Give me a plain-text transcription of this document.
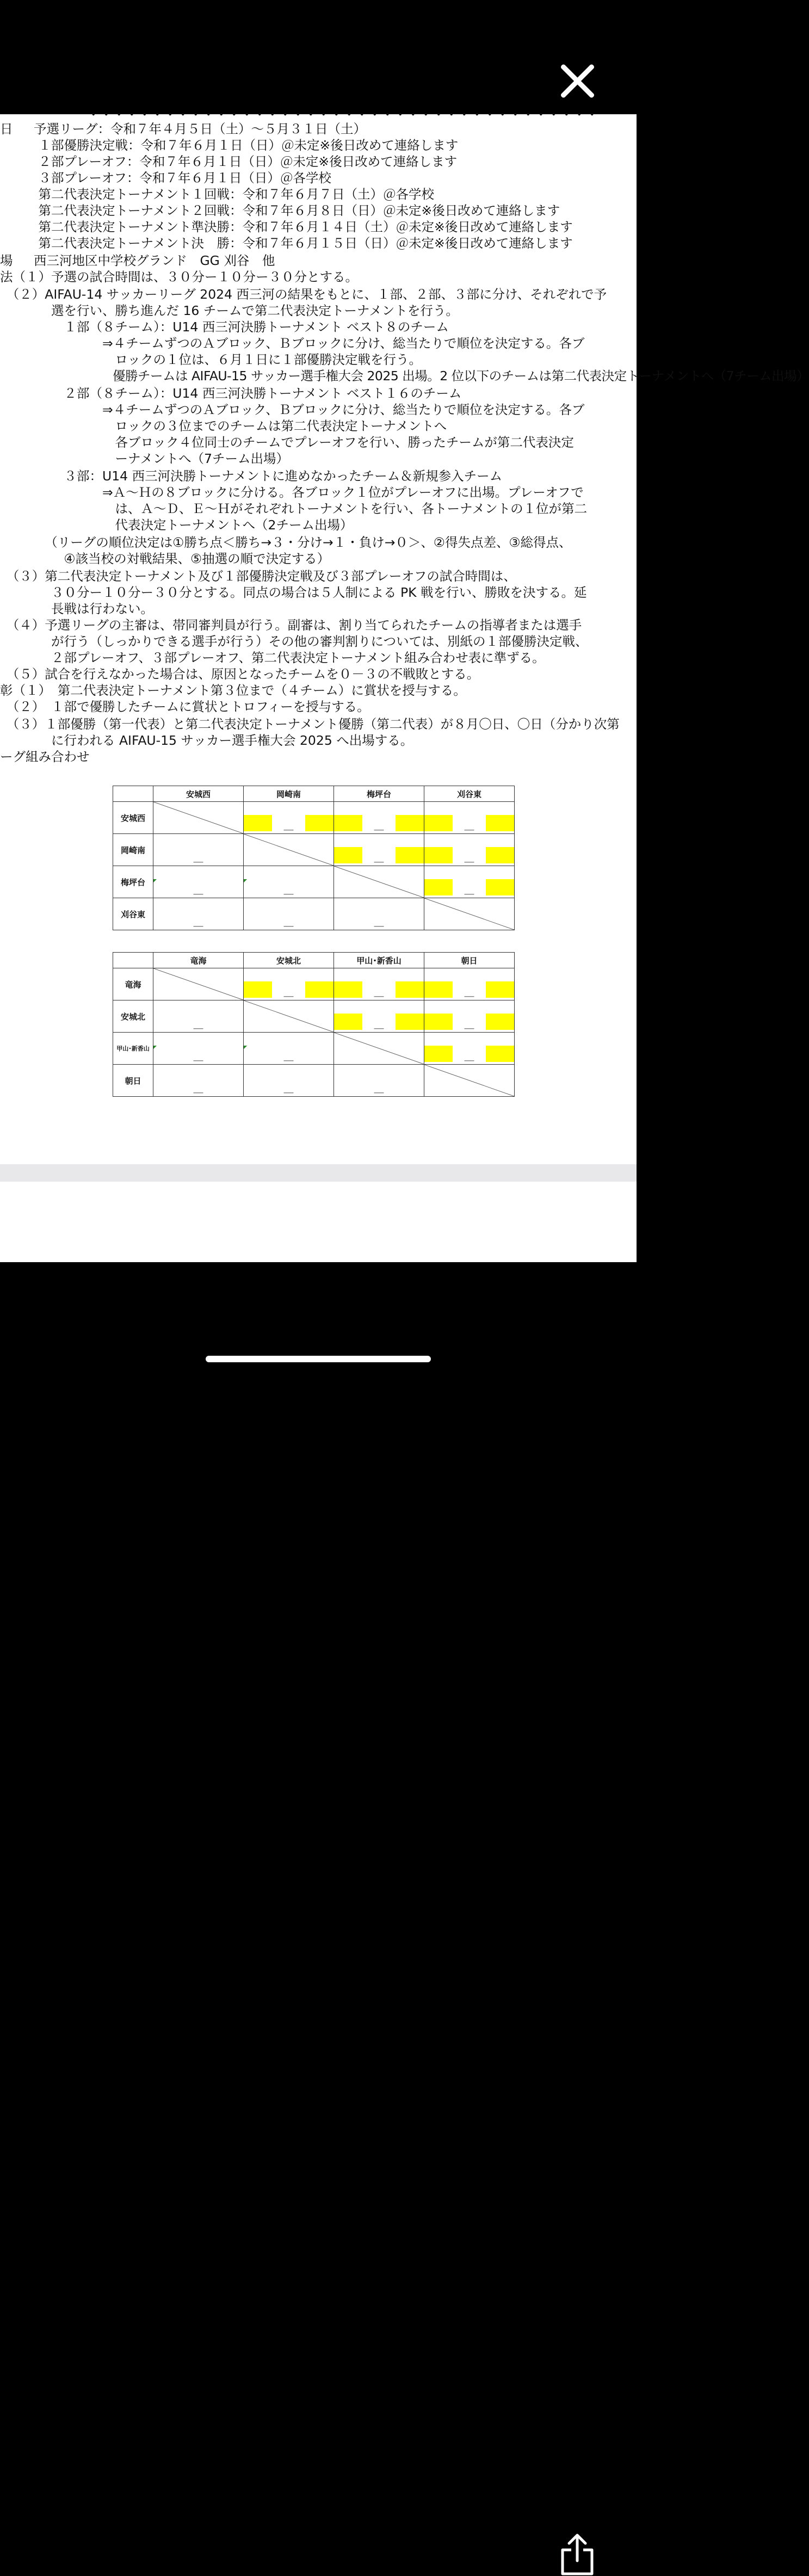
・・・・・・・・・・・・・・・・・・・・・・・・・・・・・・・・・・・・・・・・
日 　 予選リーグ：令和７年４月５日（土）～５月３１日（土）
　　　１部優勝決定戦：令和７年６月１日（日）＠未定※後日改めて連絡します
　　　２部プレーオフ：令和７年６月１日（日）＠未定※後日改めて連絡します
　　　３部プレーオフ：令和７年６月１日（日）＠各学校
　　　第二代表決定トーナメント１回戦：令和７年６月７日（土）＠各学校
　　　第二代表決定トーナメント２回戦：令和７年６月８日（日）＠未定※後日改めて連絡します
　　　第二代表決定トーナメント準決勝：令和７年６月１４日（土）＠未定※後日改めて連絡します
　　　第二代表決定トーナメント決　勝：令和７年６月１５日（日）＠未定※後日改めて連絡します
場 　 西三河地区中学校グランド　GG 刈谷　他
法（１）予選の試合時間は、３０分ー１０分ー３０分とする。
　（２）AIFAU-14 サッカーリーグ 2024 西三河の結果をもとに、１部、２部、３部に分け、それぞれで予
　　　　選を行い、勝ち進んだ 16 チームで第二代表決定トーナメントを行う。
　　　　　１部（８チーム）：U14 西三河決勝トーナメント ベスト８のチーム
　　　　　　　　⇒４チームずつのＡブロック、Ｂブロックに分け、総当たりで順位を決定する。各ブ
　　　　　　　　　ロックの１位は、６月１日に１部優勝決定戦を行う。
　　　　　　　　　優勝チームは AIFAU-15 サッカー選手権大会 2025 出場。2 位以下のチームは第二代表決定トーナメントへ（7チーム出場）
　　　　　２部（８チーム）：U14 西三河決勝トーナメント ベスト１６のチーム
　　　　　　　　⇒４チームずつのＡブロック、Ｂブロックに分け、総当たりで順位を決定する。各ブ
　　　　　　　　　ロックの３位までのチームは第二代表決定トーナメントへ
　　　　　　　　　各ブロック４位同士のチームでプレーオフを行い、勝ったチームが第二代表決定
　　　　　　　　　ーナメントへ（7チーム出場）
　　　　　３部：U14 西三河決勝トーナメントに進めなかったチーム＆新規参入チーム
　　　　　　　　⇒Ａ～Ｈの８ブロックに分ける。各ブロック１位がプレーオフに出場。プレーオフで
　　　　　　　　　は、Ａ～Ｄ、Ｅ～Ｈがそれぞれトーナメントを行い、各トーナメントの１位が第二
　　　　　　　　　代表決定トーナメントへ（2チーム出場）
　　　　（リーグの順位決定は①勝ち点＜勝ち→３・分け→１・負け→０＞、②得失点差、③総得点、
　　　　　④該当校の対戦結果、⑤抽選の順で決定する）
　（３）第二代表決定トーナメント及び１部優勝決定戦及び３部プレーオフの試合時間は、
　　　　３０分ー１０分ー３０分とする。同点の場合は５人制による PK 戦を行い、勝敗を決する。延
　　　　長戦は行わない。
　（４）予選リーグの主審は、帯同審判員が行う。副審は、割り当てられたチームの指導者または選手
　　　　が行う（しっかりできる選手が行う）その他の審判割りについては、別紙の１部優勝決定戦、
　　　　２部プレーオフ、３部プレーオフ、第二代表決定トーナメント組み合わせ表に準ずる。
　（５）試合を行えなかった場合は、原因となったチームを０－３の不戦敗とする。
彰（１）　第二代表決定トーナメント第３位まで（４チーム）に賞状を授与する。
　（２）　１部で優勝したチームに賞状とトロフィーを授与する。
　（３）１部優勝（第一代表）と第二代表決定トーナメント優勝（第二代表）が８月〇日、〇日（分かり次第
　　　　に行われる AIFAU-15 サッカー選手権大会 2025 へ出場する。
ーグ組み合わせ
	安城西	岡崎南	梅坪台	刈谷東
安城西		＿	＿	＿

岡崎南	＿		＿	＿

梅坪台	＿	＿		＿

刈谷東	＿	＿	＿

	竜海	安城北	甲山･新香山	朝日
竜海		＿	＿	＿

安城北	＿		＿	＿

甲山･新香山	＿	＿		＿

朝日	＿	＿	＿
